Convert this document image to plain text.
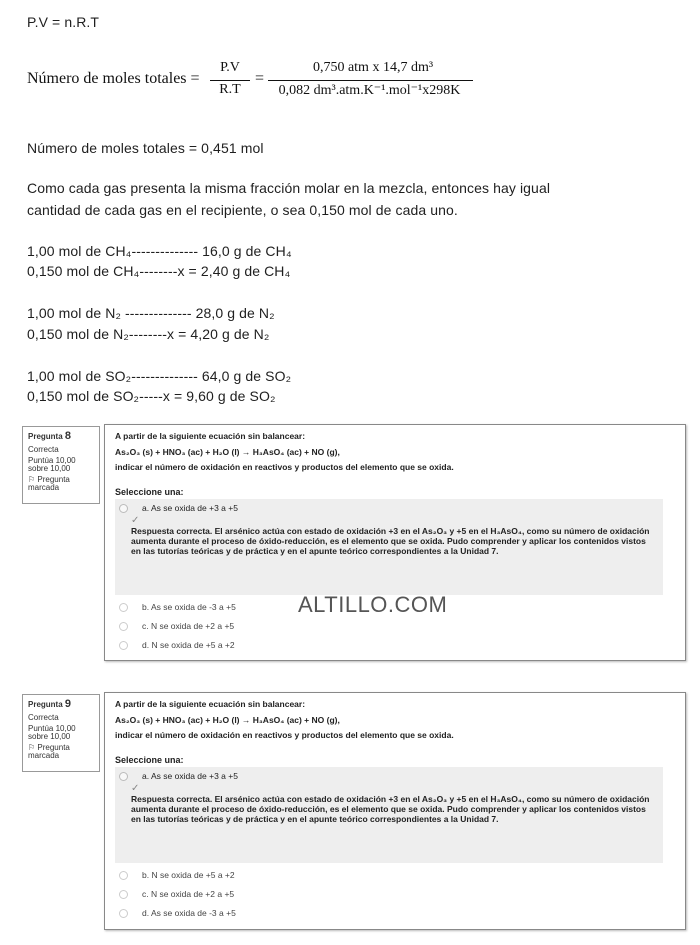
P.V = n.R.T
Número de moles totales =
P.V
R.T
=
0,750 atm x 14,7 dm³
0,082 dm³.atm.K⁻¹.mol⁻¹x298K
Número de moles totales = 0,451 mol
Como cada gas presenta la misma fracción molar en la mezcla, entonces hay igual
cantidad de cada gas en el recipiente, o sea 0,150 mol de cada uno.
1,00 mol de CH₄-------------- 16,0 g de CH₄
0,150 mol de CH₄--------x = 2,40 g de CH₄
1,00 mol de N₂ -------------- 28,0 g de N₂
0,150 mol de N₂--------x = 4,20 g de N₂
1,00 mol de SO₂-------------- 64,0 g de SO₂
0,150 mol de SO₂-----x = 9,60 g de SO₂
Pregunta 8
Correcta
Puntúa 10,00 sobre 10,00
⚐ Pregunta marcada
A partir de la siguiente ecuación sin balancear:
As₂O₃ (s) + HNO₃ (ac) + H₂O (l) → H₃AsO₄ (ac) + NO (g),
indicar el número de oxidación en reactivos y productos del elemento que se oxida.
Seleccione una:
a. As se oxida de +3 a +5
✓
Respuesta correcta. El arsénico actúa con estado de oxidación +3 en el As₂O₃ y +5 en el H₃AsO₄, como su número de oxidación aumenta durante el proceso de óxido-reducción, es el elemento que se oxida. Pudo comprender y aplicar los contenidos vistos en las tutorías teóricas y de práctica y en el apunte teórico correspondientes a la Unidad 7.
b. As se oxida de -3 a +5
c. N se oxida de +2 a +5
d. N se oxida de +5 a +2
ALTILLO.COM
Pregunta 9
Correcta
Puntúa 10,00 sobre 10,00
⚐ Pregunta marcada
A partir de la siguiente ecuación sin balancear:
As₂O₃ (s) + HNO₃ (ac) + H₂O (l) → H₃AsO₄ (ac) + NO (g),
indicar el número de oxidación en reactivos y productos del elemento que se oxida.
Seleccione una:
a. As se oxida de +3 a +5
✓
Respuesta correcta. El arsénico actúa con estado de oxidación +3 en el As₂O₃ y +5 en el H₃AsO₄, como su número de oxidación aumenta durante el proceso de óxido-reducción, es el elemento que se oxida. Pudo comprender y aplicar los contenidos vistos en las tutorías teóricas y de práctica y en el apunte teórico correspondientes a la Unidad 7.
b. N se oxida de +5 a +2
c. N se oxida de +2 a +5
d. As se oxida de -3 a +5
